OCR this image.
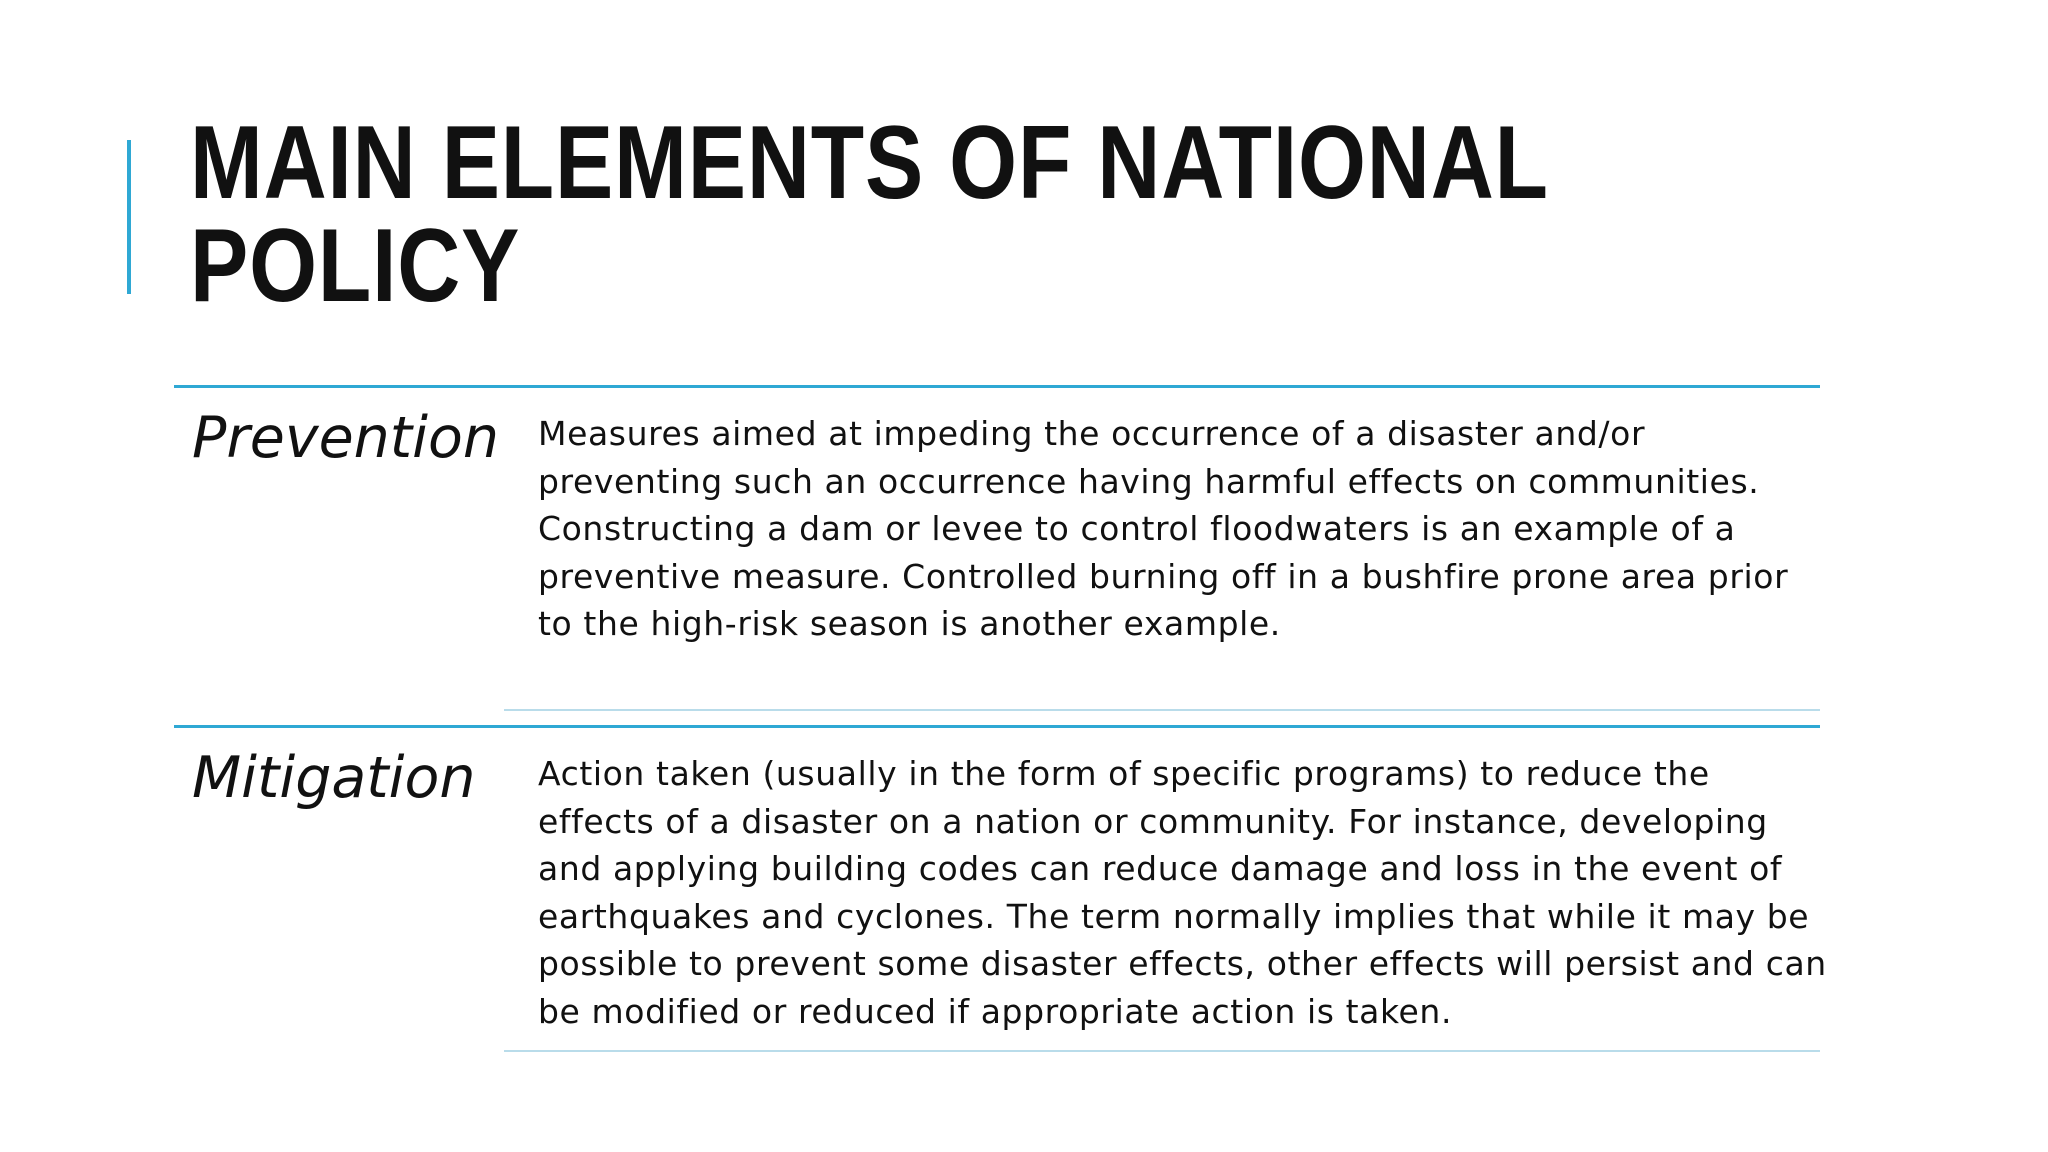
MAIN ELEMENTS OF NATIONAL POLICY

Prevention	Measures aimed at impeding the occurrence of a disaster and/or preventing such an occurrence having harmful effects on communities. Constructing a dam or levee to control floodwaters is an example of a preventive measure. Controlled burning off in a bushfire prone area prior to the high-risk season is another example.

Mitigation	Action taken (usually in the form of specific programs) to reduce the effects of a disaster on a nation or community. For instance, developing and applying building codes can reduce damage and loss in the event of earthquakes and cyclones. The term normally implies that while it may be possible to prevent some disaster effects, other effects will persist and can be modified or reduced if appropriate action is taken.
